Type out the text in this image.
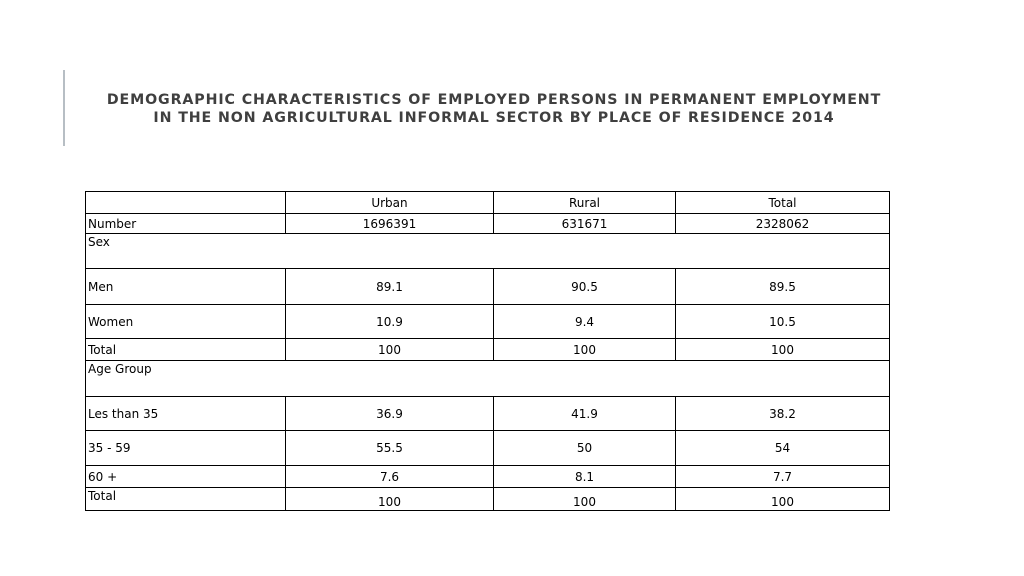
DEMOGRAPHIC CHARACTERISTICS OF EMPLOYED PERSONS IN PERMANENT EMPLOYMENT
IN THE NON AGRICULTURAL INFORMAL SECTOR BY PLACE OF RESIDENCE 2014
	Urban	Rural	Total
Number	1696391	631671	2328062
Sex			
Men	89.1	90.5	89.5
Women	10.9	9.4	10.5
Total	100	100	100
Age Group			
Les than 35	36.9	41.9	38.2
35 - 59	55.5	50	54
60 +	7.6	8.1	7.7
Total	100	100	100
